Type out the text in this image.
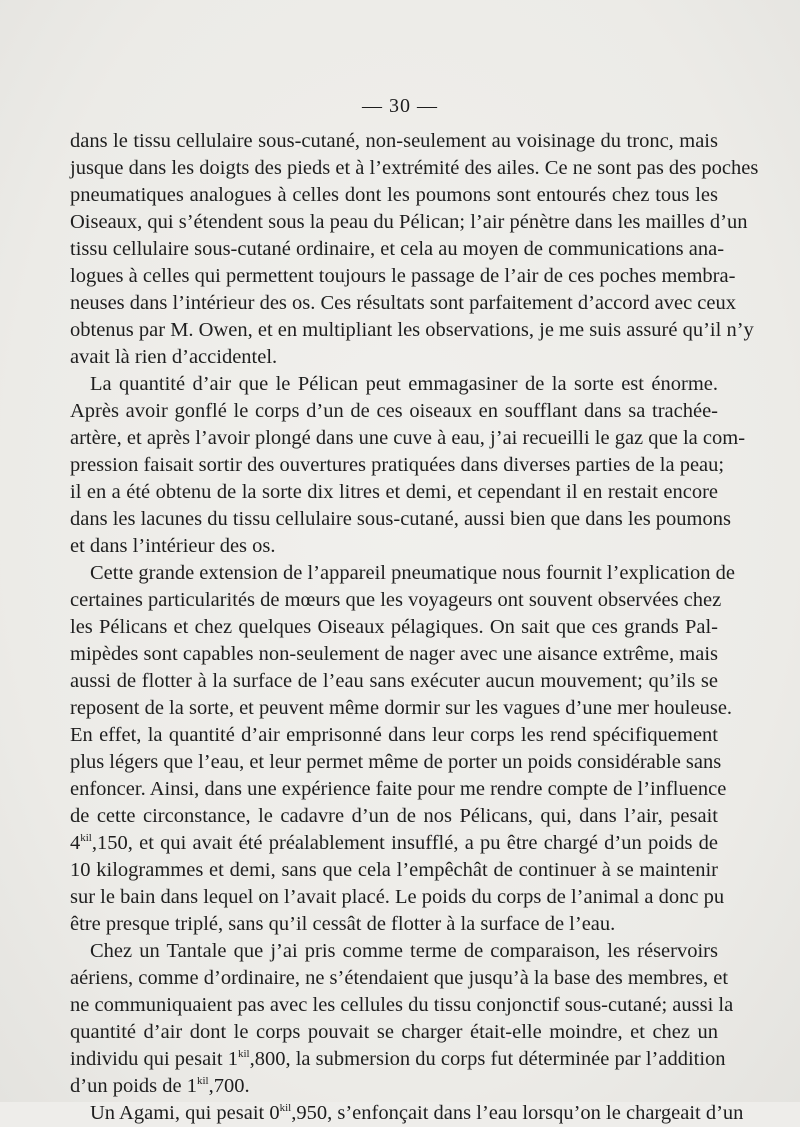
— 30 —
dans le tissu cellulaire sous-cutané, non-seulement au voisinage du tronc, mais
jusque dans les doigts des pieds et à l’extrémité des ailes. Ce ne sont pas des poches
pneumatiques analogues à celles dont les poumons sont entourés chez tous les
Oiseaux, qui s’étendent sous la peau du Pélican; l’air pénètre dans les mailles d’un
tissu cellulaire sous-cutané ordinaire, et cela au moyen de communications ana-
logues à celles qui permettent toujours le passage de l’air de ces poches membra-
neuses dans l’intérieur des os. Ces résultats sont parfaitement d’accord avec ceux
obtenus par M. Owen, et en multipliant les observations, je me suis assuré qu’il n’y
avait là rien d’accidentel.
La quantité d’air que le Pélican peut emmagasiner de la sorte est énorme.
Après avoir gonflé le corps d’un de ces oiseaux en soufflant dans sa trachée-
artère, et après l’avoir plongé dans une cuve à eau, j’ai recueilli le gaz que la com-
pression faisait sortir des ouvertures pratiquées dans diverses parties de la peau;
il en a été obtenu de la sorte dix litres et demi, et cependant il en restait encore
dans les lacunes du tissu cellulaire sous-cutané, aussi bien que dans les poumons
et dans l’intérieur des os.
Cette grande extension de l’appareil pneumatique nous fournit l’explication de
certaines particularités de mœurs que les voyageurs ont souvent observées chez
les Pélicans et chez quelques Oiseaux pélagiques. On sait que ces grands Pal-
mipèdes sont capables non-seulement de nager avec une aisance extrême, mais
aussi de flotter à la surface de l’eau sans exécuter aucun mouvement; qu’ils se
reposent de la sorte, et peuvent même dormir sur les vagues d’une mer houleuse.
En effet, la quantité d’air emprisonné dans leur corps les rend spécifiquement
plus légers que l’eau, et leur permet même de porter un poids considérable sans
enfoncer. Ainsi, dans une expérience faite pour me rendre compte de l’influence
de cette circonstance, le cadavre d’un de nos Pélicans, qui, dans l’air, pesait
$4^{kil},150$, et qui avait été préalablement insufflé, a pu être chargé d’un poids de
10 kilogrammes et demi, sans que cela l’empêchât de continuer à se maintenir
sur le bain dans lequel on l’avait placé. Le poids du corps de l’animal a donc pu
être presque triplé, sans qu’il cessât de flotter à la surface de l’eau.
Chez un Tantale que j’ai pris comme terme de comparaison, les réservoirs
aériens, comme d’ordinaire, ne s’étendaient que jusqu’à la base des membres, et
ne communiquaient pas avec les cellules du tissu conjonctif sous-cutané; aussi la
quantité d’air dont le corps pouvait se charger était-elle moindre, et chez un
individu qui pesait $1^{kil},800$, la submersion du corps fut déterminée par l’addition
d’un poids de $1^{kil},700$.
Un Agami, qui pesait $0^{kil},950$, s’enfonçait dans l’eau lorsqu’on le chargeait d’un
